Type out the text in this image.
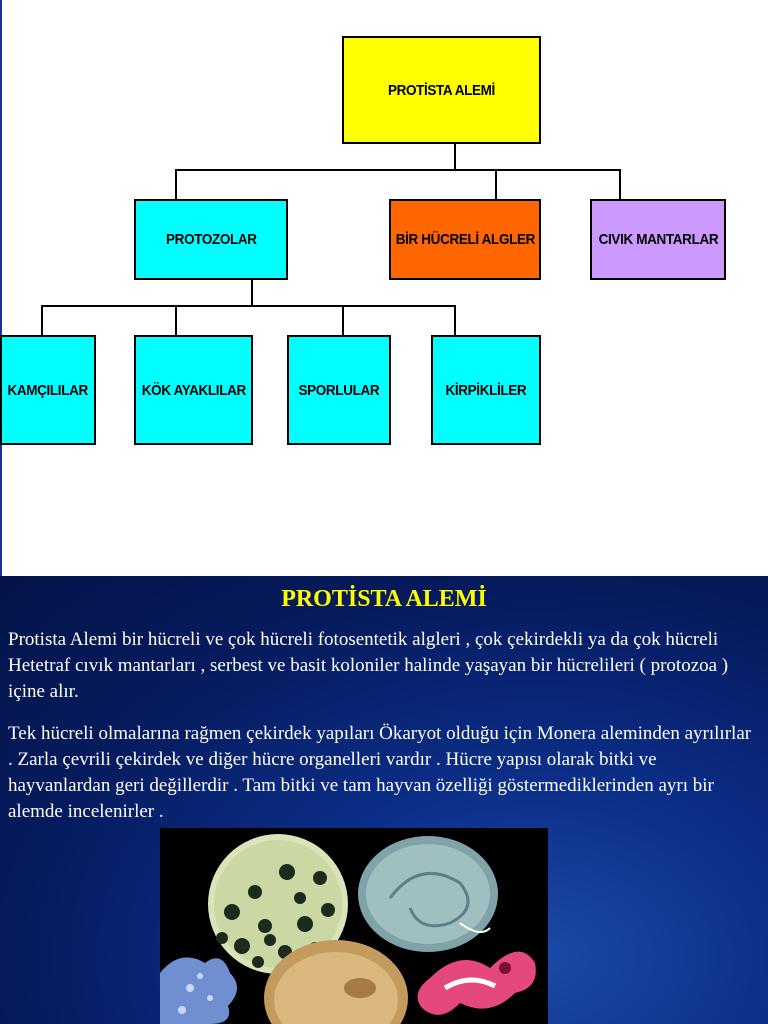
PROTİSTA ALEMİ
PROTOZOLAR	BİR HÜCRELİ ALGLER	CIVIK MANTARLAR
KAMÇILILAR	KÖK AYAKLILAR	SPORLULAR	KİRPİKLİLER
PROTİSTA ALEMİ
Protista Alemi bir hücreli ve çok hücreli fotosentetik algleri , çok çekirdekli ya da çok hücreli Hetetraf cıvık mantarları , serbest ve basit koloniler halinde yaşayan bir hücrelileri ( protozoa ) içine alır.
Tek hücreli olmalarına rağmen çekirdek yapıları Ökaryot olduğu için Monera aleminden ayrılırlar . Zarla çevrili çekirdek ve diğer hücre organelleri vardır . Hücre yapısı olarak bitki ve hayvanlardan geri değillerdir . Tam bitki ve tam hayvan özelliği göstermediklerinden ayrı bir alemde incelenirler .
